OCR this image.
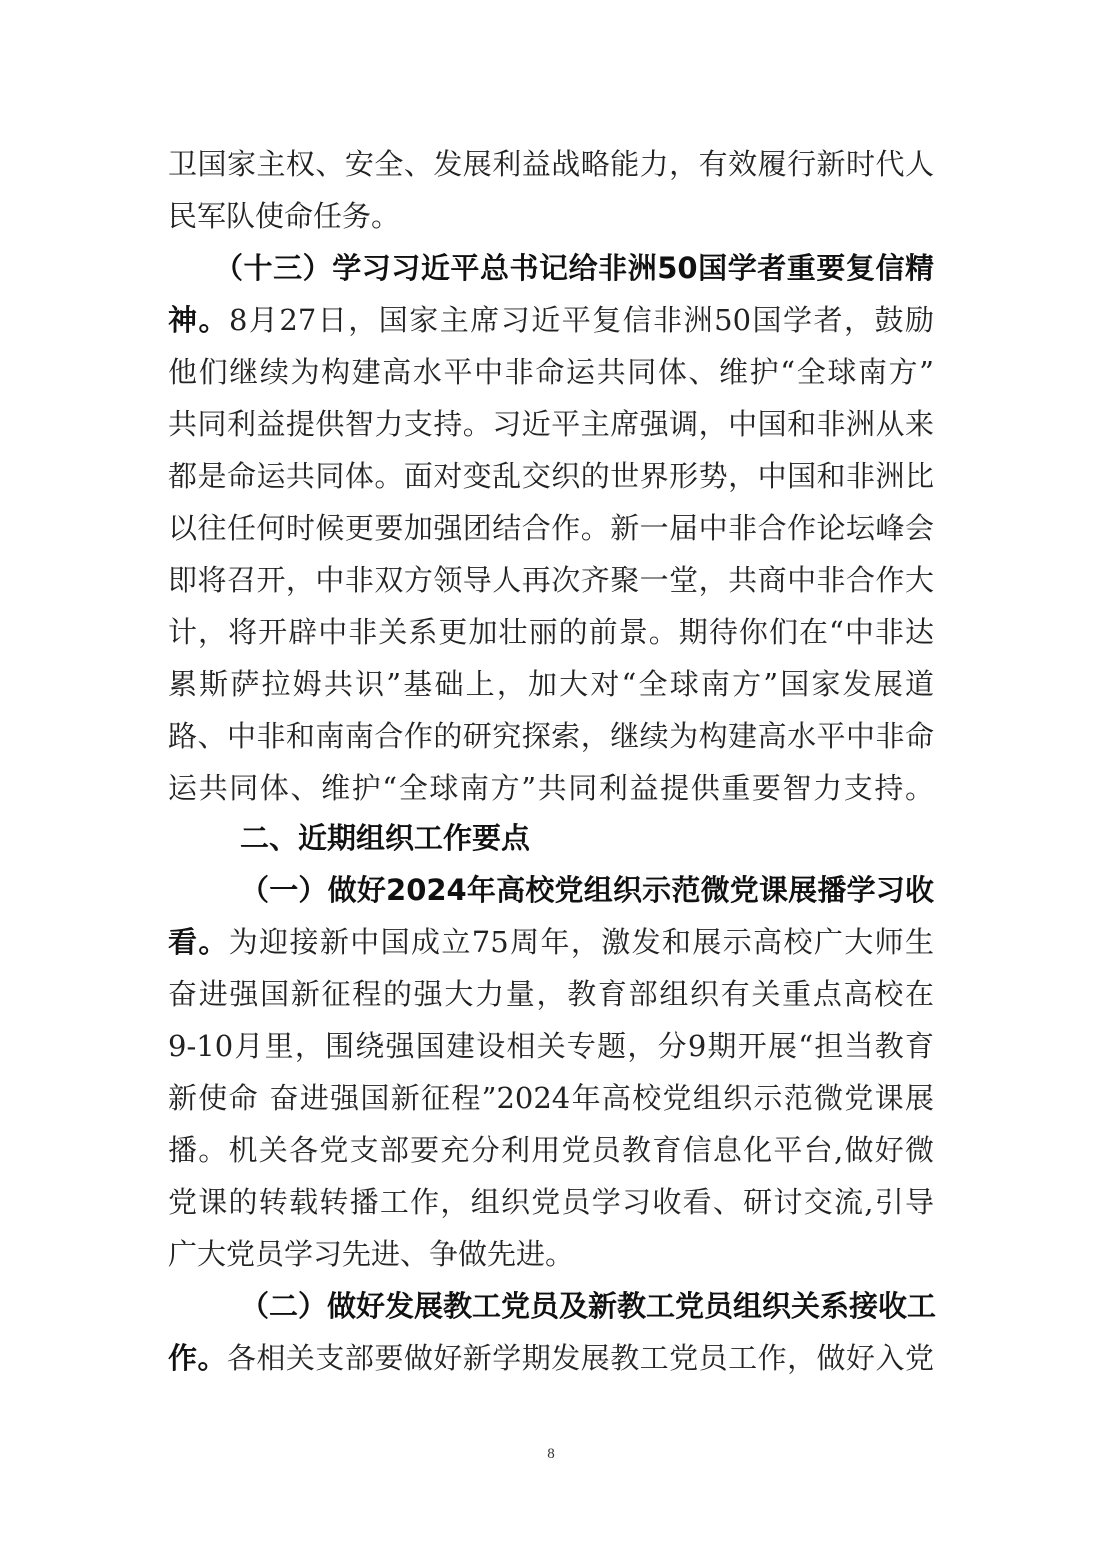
卫国家主权、安全、发展利益战略能力，有效履行新时代人
民军队使命任务。
（十三）学习习近平总书记给非洲50国学者重要复信精
神。8月27日，国家主席习近平复信非洲50国学者，鼓励
他们继续为构建高水平中非命运共同体、维护“全球南方”
共同利益提供智力支持。习近平主席强调，中国和非洲从来
都是命运共同体。面对变乱交织的世界形势，中国和非洲比
以往任何时候更要加强团结合作。新一届中非合作论坛峰会
即将召开，中非双方领导人再次齐聚一堂，共商中非合作大
计，将开辟中非关系更加壮丽的前景。期待你们在“中非达
累斯萨拉姆共识”基础上，加大对“全球南方”国家发展道
路、中非和南南合作的研究探索，继续为构建高水平中非命
运共同体、维护“全球南方”共同利益提供重要智力支持。
二、近期组织工作要点
（一）做好2024年高校党组织示范微党课展播学习收
看。为迎接新中国成立75周年，激发和展示高校广大师生
奋进强国新征程的强大力量，教育部组织有关重点高校在
9-10月里，围绕强国建设相关专题，分9期开展“担当教育
新使命 奋进强国新征程”2024年高校党组织示范微党课展
播。机关各党支部要充分利用党员教育信息化平台,做好微
党课的转载转播工作，组织党员学习收看、研讨交流,引导
广大党员学习先进、争做先进。
（二）做好发展教工党员及新教工党员组织关系接收工
作。各相关支部要做好新学期发展教工党员工作，做好入党
8
